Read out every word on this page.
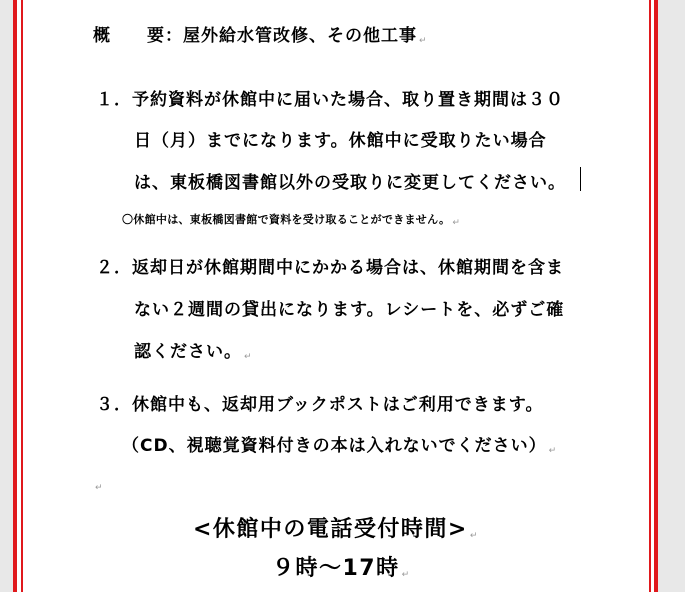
概　　要：屋外給水管改修、その他工事 ↵
１．予約資料が休館中に届いた場合、取り置き期間は３０
日（月）までになります。休館中に受取りたい場合
は、東板橋図書館以外の受取りに変更してください。
〇休館中は、東板橋図書館で資料を受け取ることができません。 ↵
２．返却日が休館期間中にかかる場合は、休館期間を含ま
ない２週間の貸出になります。レシートを、必ずご確
認ください。 ↵
３．休館中も、返却用ブックポストはご利用できます。
（CD、視聴覚資料付きの本は入れないでください） ↵
↵
<休館中の電話受付時間> ↵
９時～17時 ↵
